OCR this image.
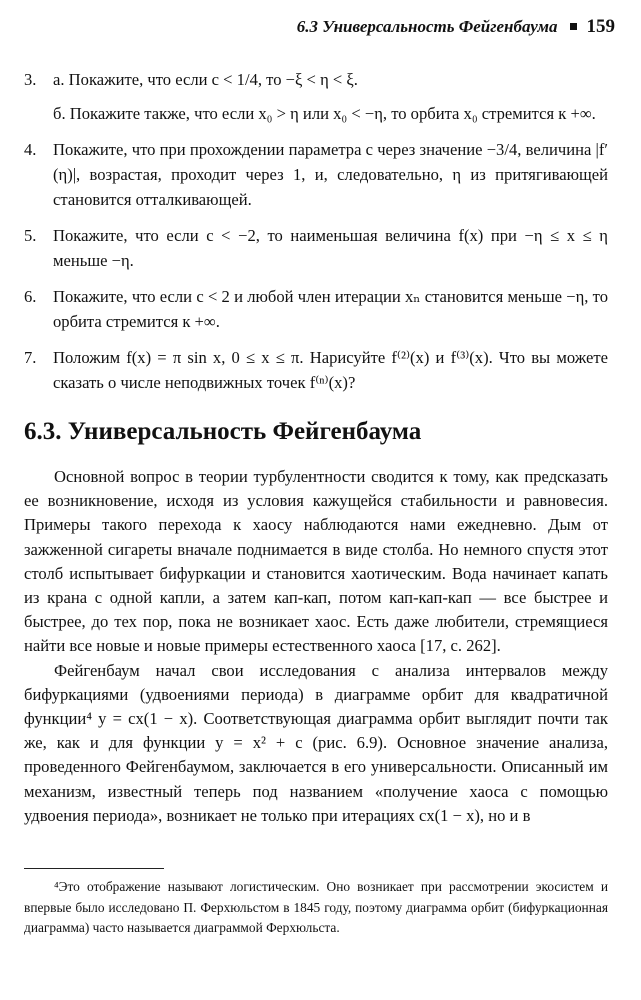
6.3 Универсальность Фейгенбаума 159
3. а. Покажите, что если c < 1/4, то −ξ < η < ξ.

б. Покажите также, что если x₀ > η или x₀ < −η, то орбита x₀ стремится к +∞.

4. Покажите, что при прохождении параметра c через значение −3/4, величина |f′(η)|, возрастая, проходит через 1, и, следовательно, η из притягивающей становится отталкивающей.

5. Покажите, что если c < −2, то наименьшая величина f(x) при −η ≤ x ≤ η меньше −η.

6. Покажите, что если c < 2 и любой член итерации xₙ становится меньше −η, то орбита стремится к +∞.

7. Положим f(x) = π sin x, 0 ≤ x ≤ π. Нарисуйте f⁽²⁾(x) и f⁽³⁾(x). Что вы можете сказать о числе неподвижных точек f⁽ⁿ⁾(x)?

6.3. Универсальность Фейгенбаума

Основной вопрос в теории турбулентности сводится к тому, как предсказать ее возникновение, исходя из условия кажущейся стабильности и равновесия. Примеры такого перехода к хаосу наблюдаются нами ежедневно. Дым от зажженной сигареты вначале поднимается в виде столба. Но немного спустя этот столб испытывает бифуркации и становится хаотическим. Вода начинает капать из крана с одной капли, а затем кап-кап, потом кап-кап-кап — все быстрее и быстрее, до тех пор, пока не возникает хаос. Есть даже любители, стремящиеся найти все новые и новые примеры естественного хаоса [17, с. 262].

Фейгенбаум начал свои исследования с анализа интервалов между бифуркациями (удвоениями периода) в диаграмме орбит для квадратичной функции⁴ y = cx(1 − x). Соответствующая диаграмма орбит выглядит почти так же, как и для функции y = x² + c (рис. 6.9). Основное значение анализа, проведенного Фейгенбаумом, заключается в его универсальности. Описанный им механизм, известный теперь под названием «получение хаоса с помощью удвоения периода», возникает не только при итерациях cx(1 − x), но и в

⁴Это отображение называют логистическим. Оно возникает при рассмотрении экосистем и впервые было исследовано П. Ферхюльстом в 1845 году, поэтому диаграмма орбит (бифуркационная диаграмма) часто называется диаграммой Ферхюльста.
